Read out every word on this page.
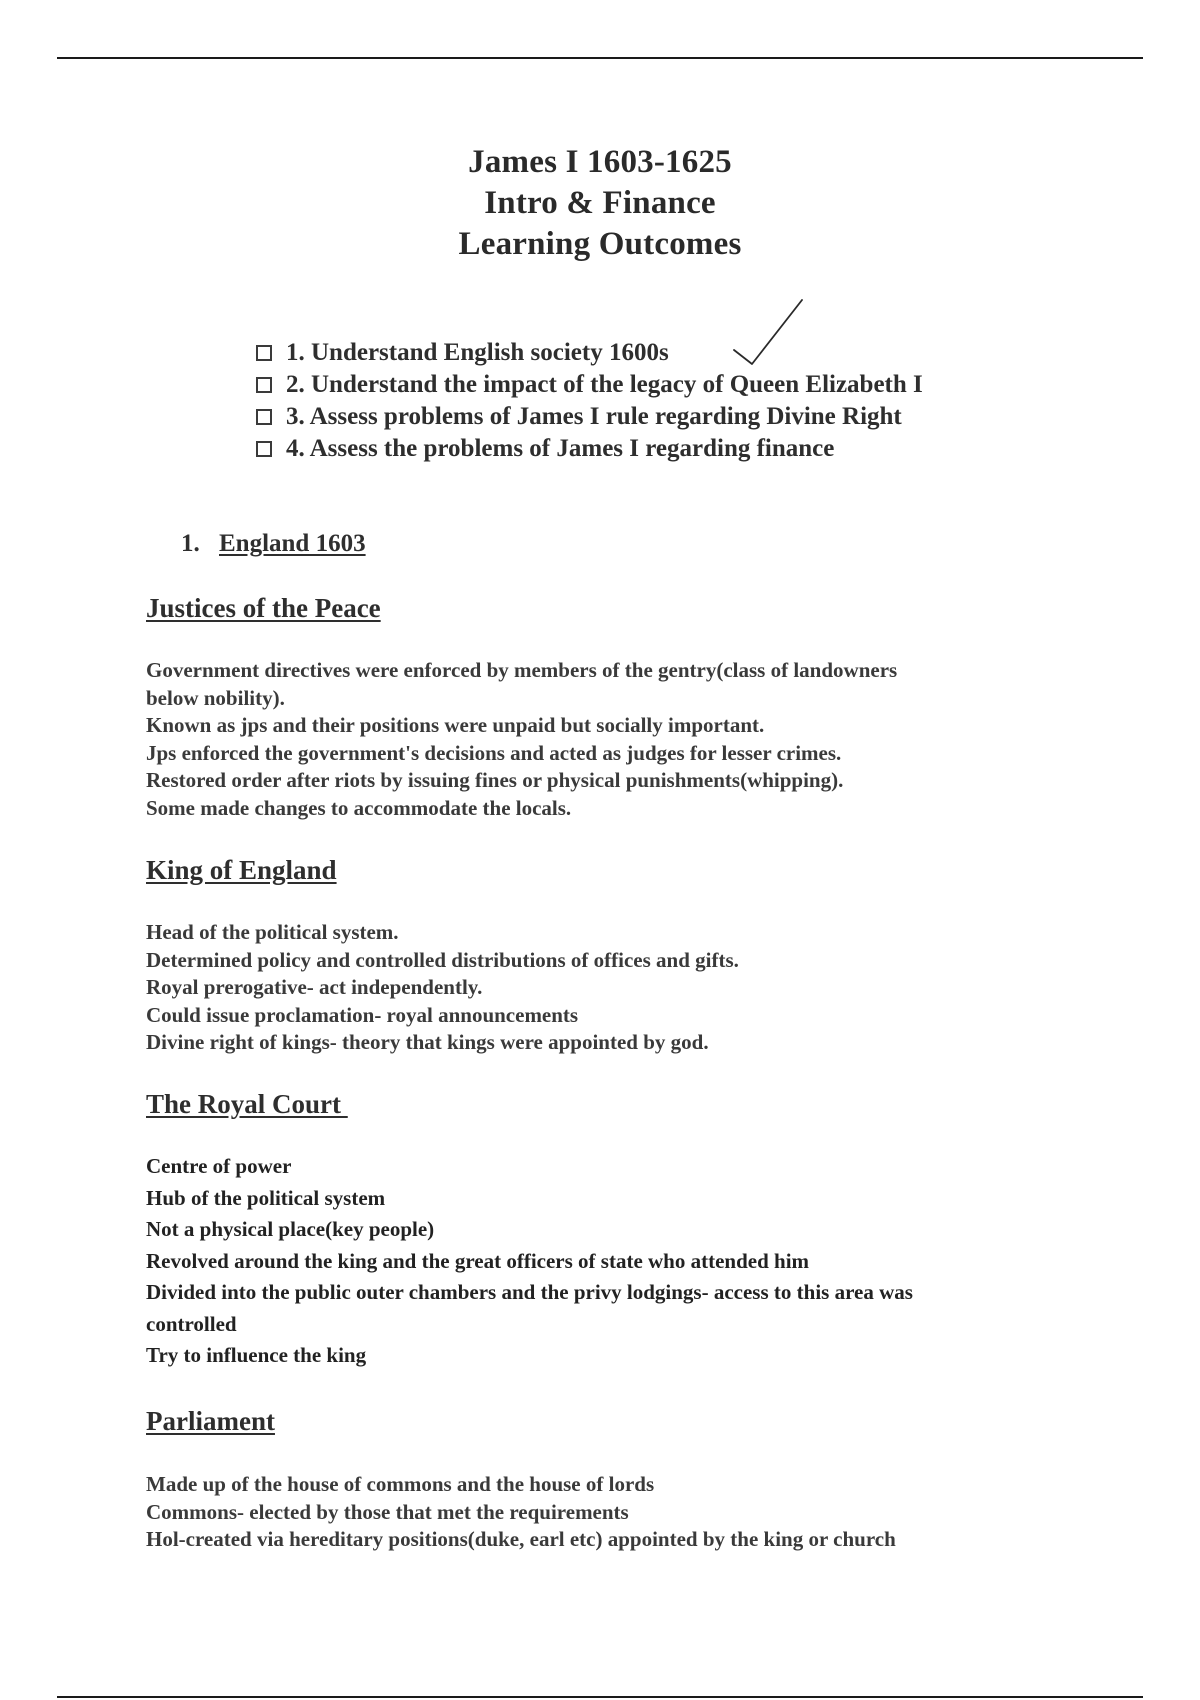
James I 1603-1625
Intro & Finance
Learning Outcomes
1. Understand English society 1600s
2. Understand the impact of the legacy of Queen Elizabeth I
3. Assess problems of James I rule regarding Divine Right
4. Assess the problems of James I regarding finance
1. England 1603
Justices of the Peace
Government directives were enforced by members of the gentry(class of landowners
below nobility).
Known as jps and their positions were unpaid but socially important.
Jps enforced the government's decisions and acted as judges for lesser crimes.
Restored order after riots by issuing fines or physical punishments(whipping).
Some made changes to accommodate the locals.
King of England
Head of the political system.
Determined policy and controlled distributions of offices and gifts.
Royal prerogative- act independently.
Could issue proclamation- royal announcements
Divine right of kings- theory that kings were appointed by god.
The Royal Court
Centre of power
Hub of the political system
Not a physical place(key people)
Revolved around the king and the great officers of state who attended him
Divided into the public outer chambers and the privy lodgings- access to this area was
controlled
Try to influence the king
Parliament
Made up of the house of commons and the house of lords
Commons- elected by those that met the requirements
Hol-created via hereditary positions(duke, earl etc) appointed by the king or church
